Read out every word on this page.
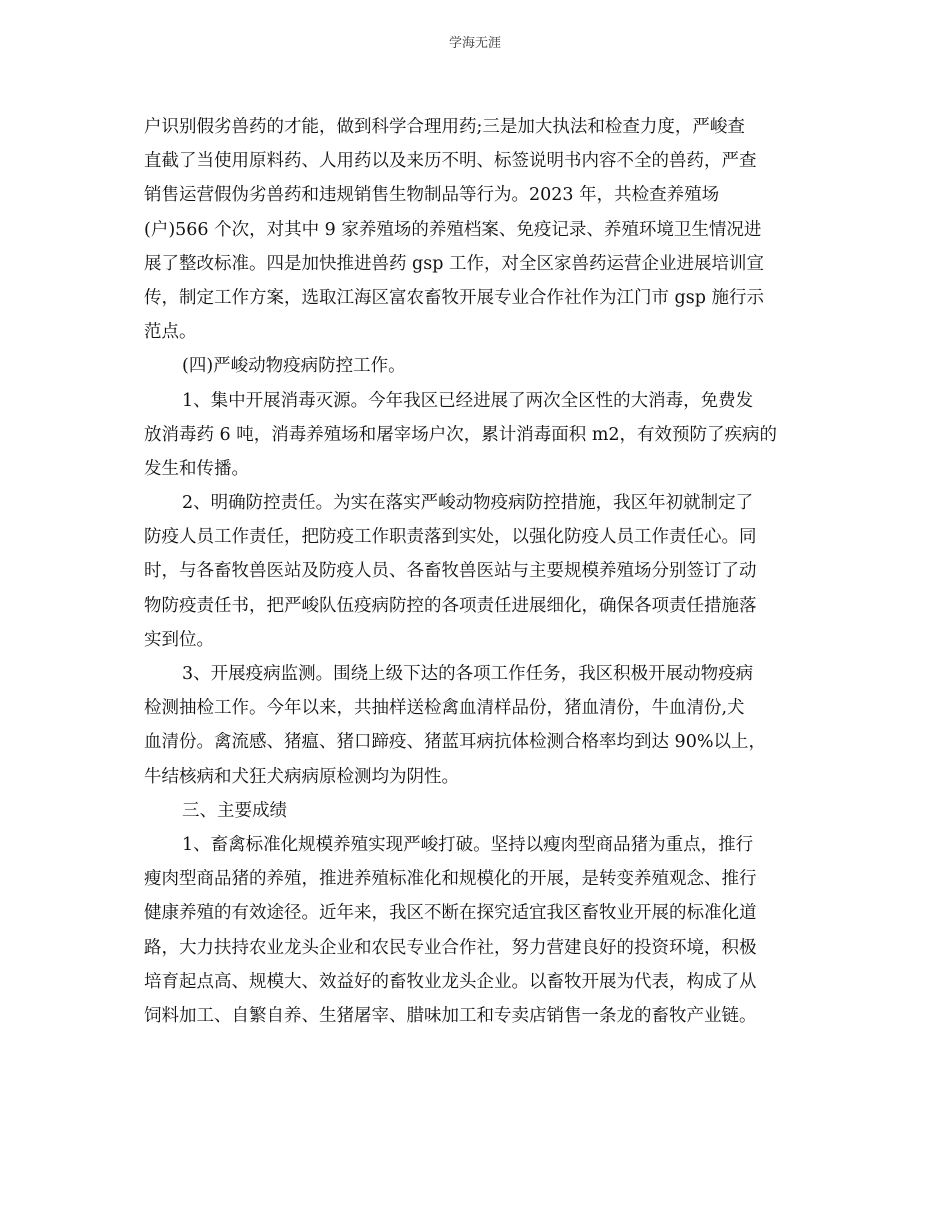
学海无涯
户识别假劣兽药的才能，做到科学合理用药;三是加大执法和检查力度，严峻查
直截了当使用原料药、人用药以及来历不明、标签说明书内容不全的兽药，严查
销售运营假伪劣兽药和违规销售生物制品等行为。2023 年，共检查养殖场
(户)566 个次，对其中 9 家养殖场的养殖档案、免疫记录、养殖环境卫生情况进
展了整改标准。四是加快推进兽药 gsp 工作，对全区家兽药运营企业进展培训宣
传，制定工作方案，选取江海区富农畜牧开展专业合作社作为江门市 gsp 施行示
范点。
(四)严峻动物疫病防控工作。
1、集中开展消毒灭源。今年我区已经进展了两次全区性的大消毒，免费发
放消毒药 6 吨，消毒养殖场和屠宰场户次，累计消毒面积 m2，有效预防了疾病的
发生和传播。
2、明确防控责任。为实在落实严峻动物疫病防控措施，我区年初就制定了
防疫人员工作责任，把防疫工作职责落到实处，以强化防疫人员工作责任心。同
时，与各畜牧兽医站及防疫人员、各畜牧兽医站与主要规模养殖场分别签订了动
物防疫责任书，把严峻队伍疫病防控的各项责任进展细化，确保各项责任措施落
实到位。
3、开展疫病监测。围绕上级下达的各项工作任务，我区积极开展动物疫病
检测抽检工作。今年以来，共抽样送检禽血清样品份，猪血清份，牛血清份,犬
血清份。禽流感、猪瘟、猪口蹄疫、猪蓝耳病抗体检测合格率均到达 90%以上，
牛结核病和犬狂犬病病原检测均为阴性。
三、主要成绩
1、畜禽标准化规模养殖实现严峻打破。坚持以瘦肉型商品猪为重点，推行
瘦肉型商品猪的养殖，推进养殖标准化和规模化的开展，是转变养殖观念、推行
健康养殖的有效途径。近年来，我区不断在探究适宜我区畜牧业开展的标准化道
路，大力扶持农业龙头企业和农民专业合作社，努力营建良好的投资环境，积极
培育起点高、规模大、效益好的畜牧业龙头企业。以畜牧开展为代表，构成了从
饲料加工、自繁自养、生猪屠宰、腊味加工和专卖店销售一条龙的畜牧产业链。
